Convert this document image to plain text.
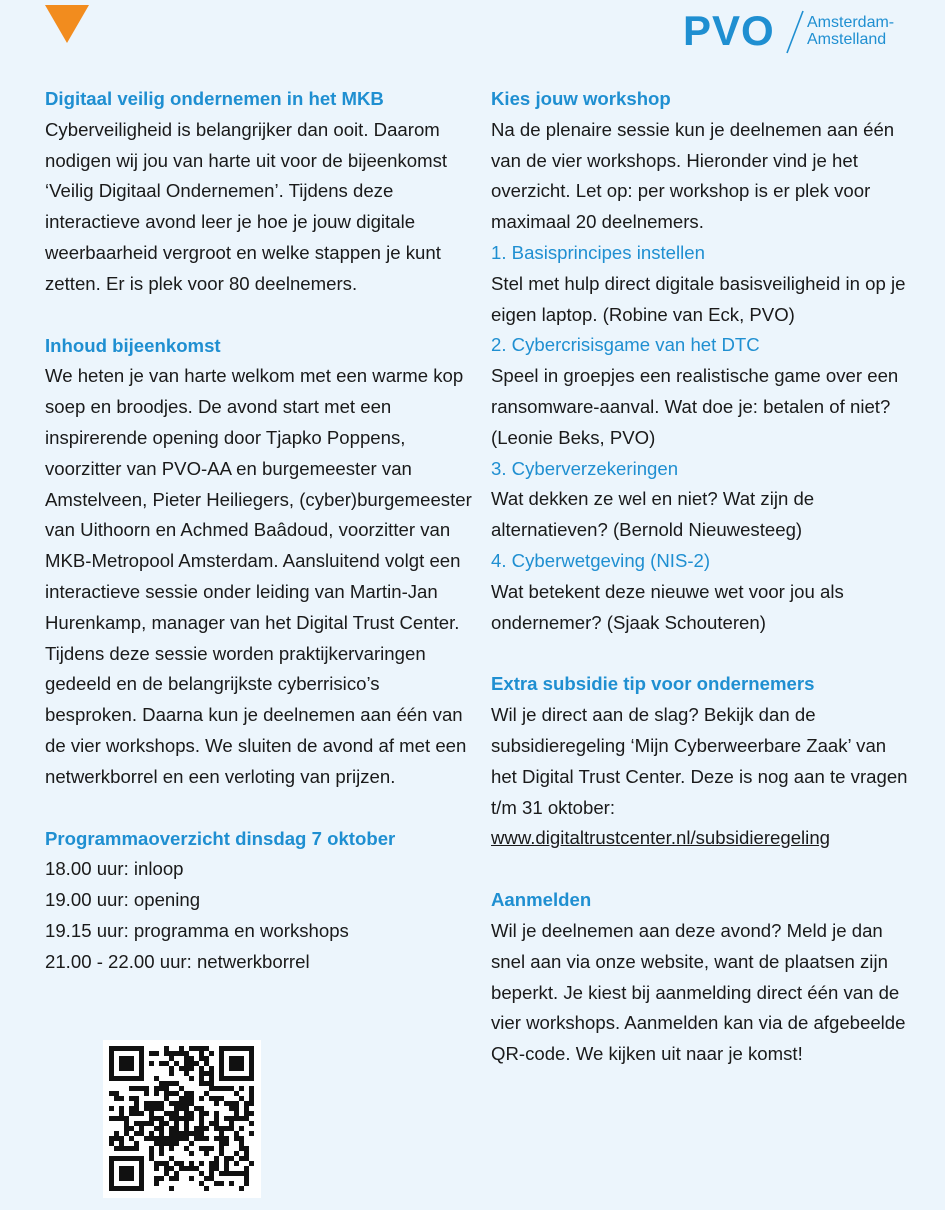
PVO Amsterdam-
Amstelland
Digitaal veilig ondernemen in het MKB

Cyberveiligheid is belangrijker dan ooit. Daarom nodigen wij jou van harte uit voor de bijeenkomst ‘Veilig Digitaal Ondernemen’. Tijdens deze interactieve avond leer je hoe je jouw digitale weerbaarheid vergroot en welke stappen je kunt zetten. Er is plek voor 80 deelnemers.

Inhoud bijeenkomst

We heten je van harte welkom met een warme kop soep en broodjes. De avond start met een inspirerende opening door Tjapko Poppens, voorzitter van PVO-AA en burgemeester van Amstelveen, Pieter Heiliegers, (cyber)burgemeester van Uithoorn en Achmed Baâdoud, voorzitter van MKB-Metropool Amsterdam. Aansluitend volgt een interactieve sessie onder leiding van Martin-Jan Hurenkamp, manager van het Digital Trust Center. Tijdens deze sessie worden praktijkervaringen gedeeld en de belangrijkste cyberrisico’s besproken. Daarna kun je deelnemen aan één van de vier workshops. We sluiten de avond af met een netwerkborrel en een verloting van prijzen.

Programmaoverzicht dinsdag 7 oktober

18.00 uur: inloop

19.00 uur: opening

19.15 uur: programma en workshops

21.00 - 22.00 uur: netwerkborrel

Kies jouw workshop

Na de plenaire sessie kun je deelnemen aan één van de vier workshops. Hieronder vind je het overzicht. Let op: per workshop is er plek voor maximaal 20 deelnemers.

1. Basisprincipes instellen

Stel met hulp direct digitale basisveiligheid in op je eigen laptop. (Robine van Eck, PVO)

2. Cybercrisisgame van het DTC

Speel in groepjes een realistische game over een ransomware-aanval. Wat doe je: betalen of niet? (Leonie Beks, PVO)

3. Cyberverzekeringen

Wat dekken ze wel en niet? Wat zijn de alternatieven? (Bernold Nieuwesteeg)

4. Cyberwetgeving (NIS-2)

Wat betekent deze nieuwe wet voor jou als ondernemer? (Sjaak Schouteren)

Extra subsidie tip voor ondernemers

Wil je direct aan de slag? Bekijk dan de subsidieregeling ‘Mijn Cyberweerbare Zaak’ van het Digital Trust Center. Deze is nog aan te vragen t/m 31 oktober:

www.digitaltrustcenter.nl/subsidieregeling

Aanmelden

Wil je deelnemen aan deze avond? Meld je dan snel aan via onze website, want de plaatsen zijn beperkt. Je kiest bij aanmelding direct één van de vier workshops. Aanmelden kan via de afgebeelde QR-code. We kijken uit naar je komst!
